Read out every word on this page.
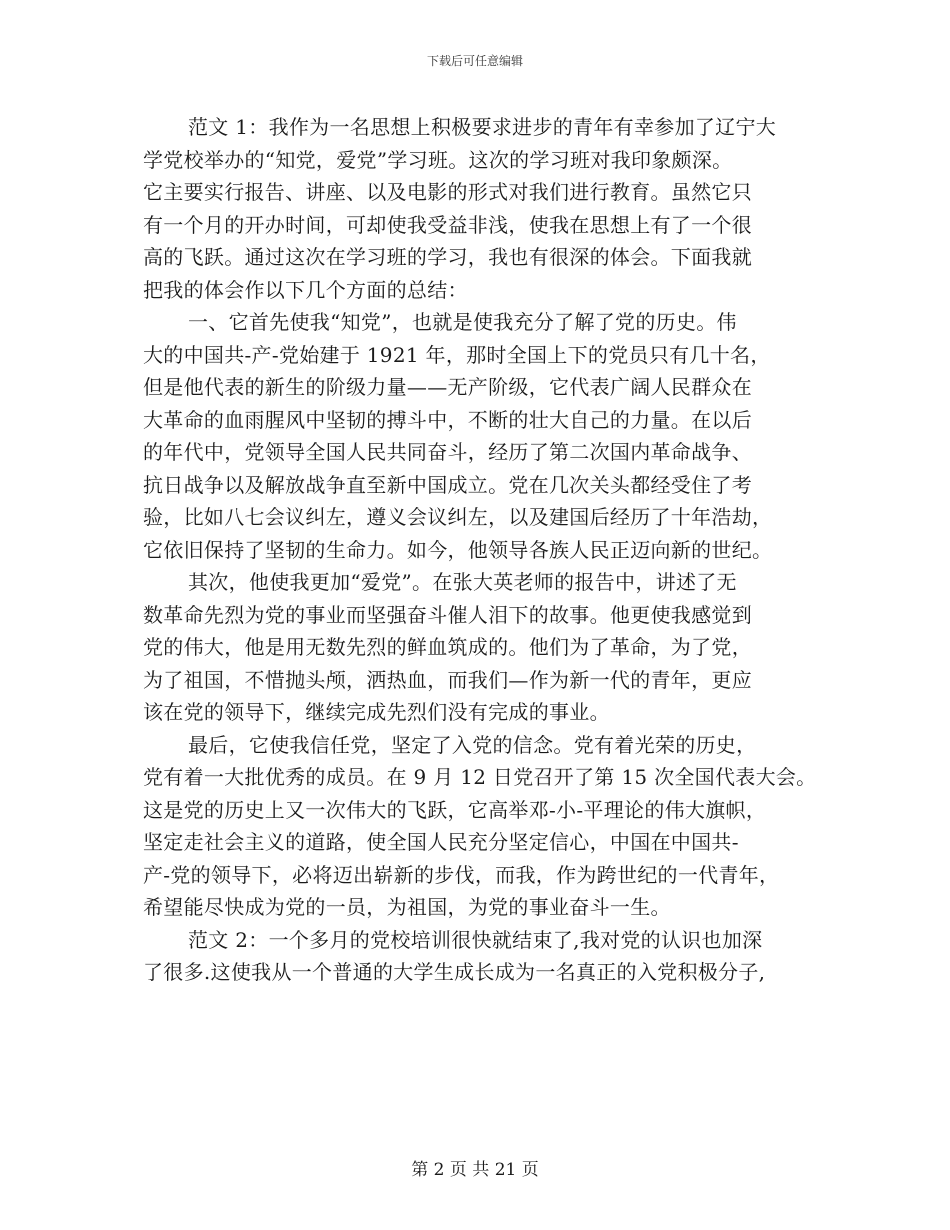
下载后可任意编辑
范文 1：我作为一名思想上积极要求进步的青年有幸参加了辽宁大
学党校举办的“知党，爱党”学习班。这次的学习班对我印象颇深。
它主要实行报告、讲座、以及电影的形式对我们进行教育。虽然它只
有一个月的开办时间，可却使我受益非浅，使我在思想上有了一个很
高的飞跃。通过这次在学习班的学习，我也有很深的体会。下面我就
把我的体会作以下几个方面的总结：
一、它首先使我“知党”，也就是使我充分了解了党的历史。伟
大的中国共-产-党始建于 1921 年，那时全国上下的党员只有几十名，
但是他代表的新生的阶级力量——无产阶级，它代表广阔人民群众在
大革命的血雨腥风中坚韧的搏斗中，不断的壮大自己的力量。在以后
的年代中，党领导全国人民共同奋斗，经历了第二次国内革命战争、
抗日战争以及解放战争直至新中国成立。党在几次关头都经受住了考
验，比如八七会议纠左，遵义会议纠左，以及建国后经历了十年浩劫，
它依旧保持了坚韧的生命力。如今，他领导各族人民正迈向新的世纪。
其次，他使我更加“爱党”。在张大英老师的报告中，讲述了无
数革命先烈为党的事业而坚强奋斗催人泪下的故事。他更使我感觉到
党的伟大，他是用无数先烈的鲜血筑成的。他们为了革命，为了党，
为了祖国，不惜抛头颅，洒热血，而我们—作为新一代的青年，更应
该在党的领导下，继续完成先烈们没有完成的事业。
最后，它使我信任党，坚定了入党的信念。党有着光荣的历史，
党有着一大批优秀的成员。在 9 月 12 日党召开了第 15 次全国代表大会。
这是党的历史上又一次伟大的飞跃，它高举邓-小-平理论的伟大旗帜，
坚定走社会主义的道路，使全国人民充分坚定信心，中国在中国共-
产-党的领导下，必将迈出崭新的步伐，而我，作为跨世纪的一代青年，
希望能尽快成为党的一员，为祖国，为党的事业奋斗一生。
范文 2：一个多月的党校培训很快就结束了,我对党的认识也加深
了很多.这使我从一个普通的大学生成长成为一名真正的入党积极分子,
第 2 页 共 21 页
